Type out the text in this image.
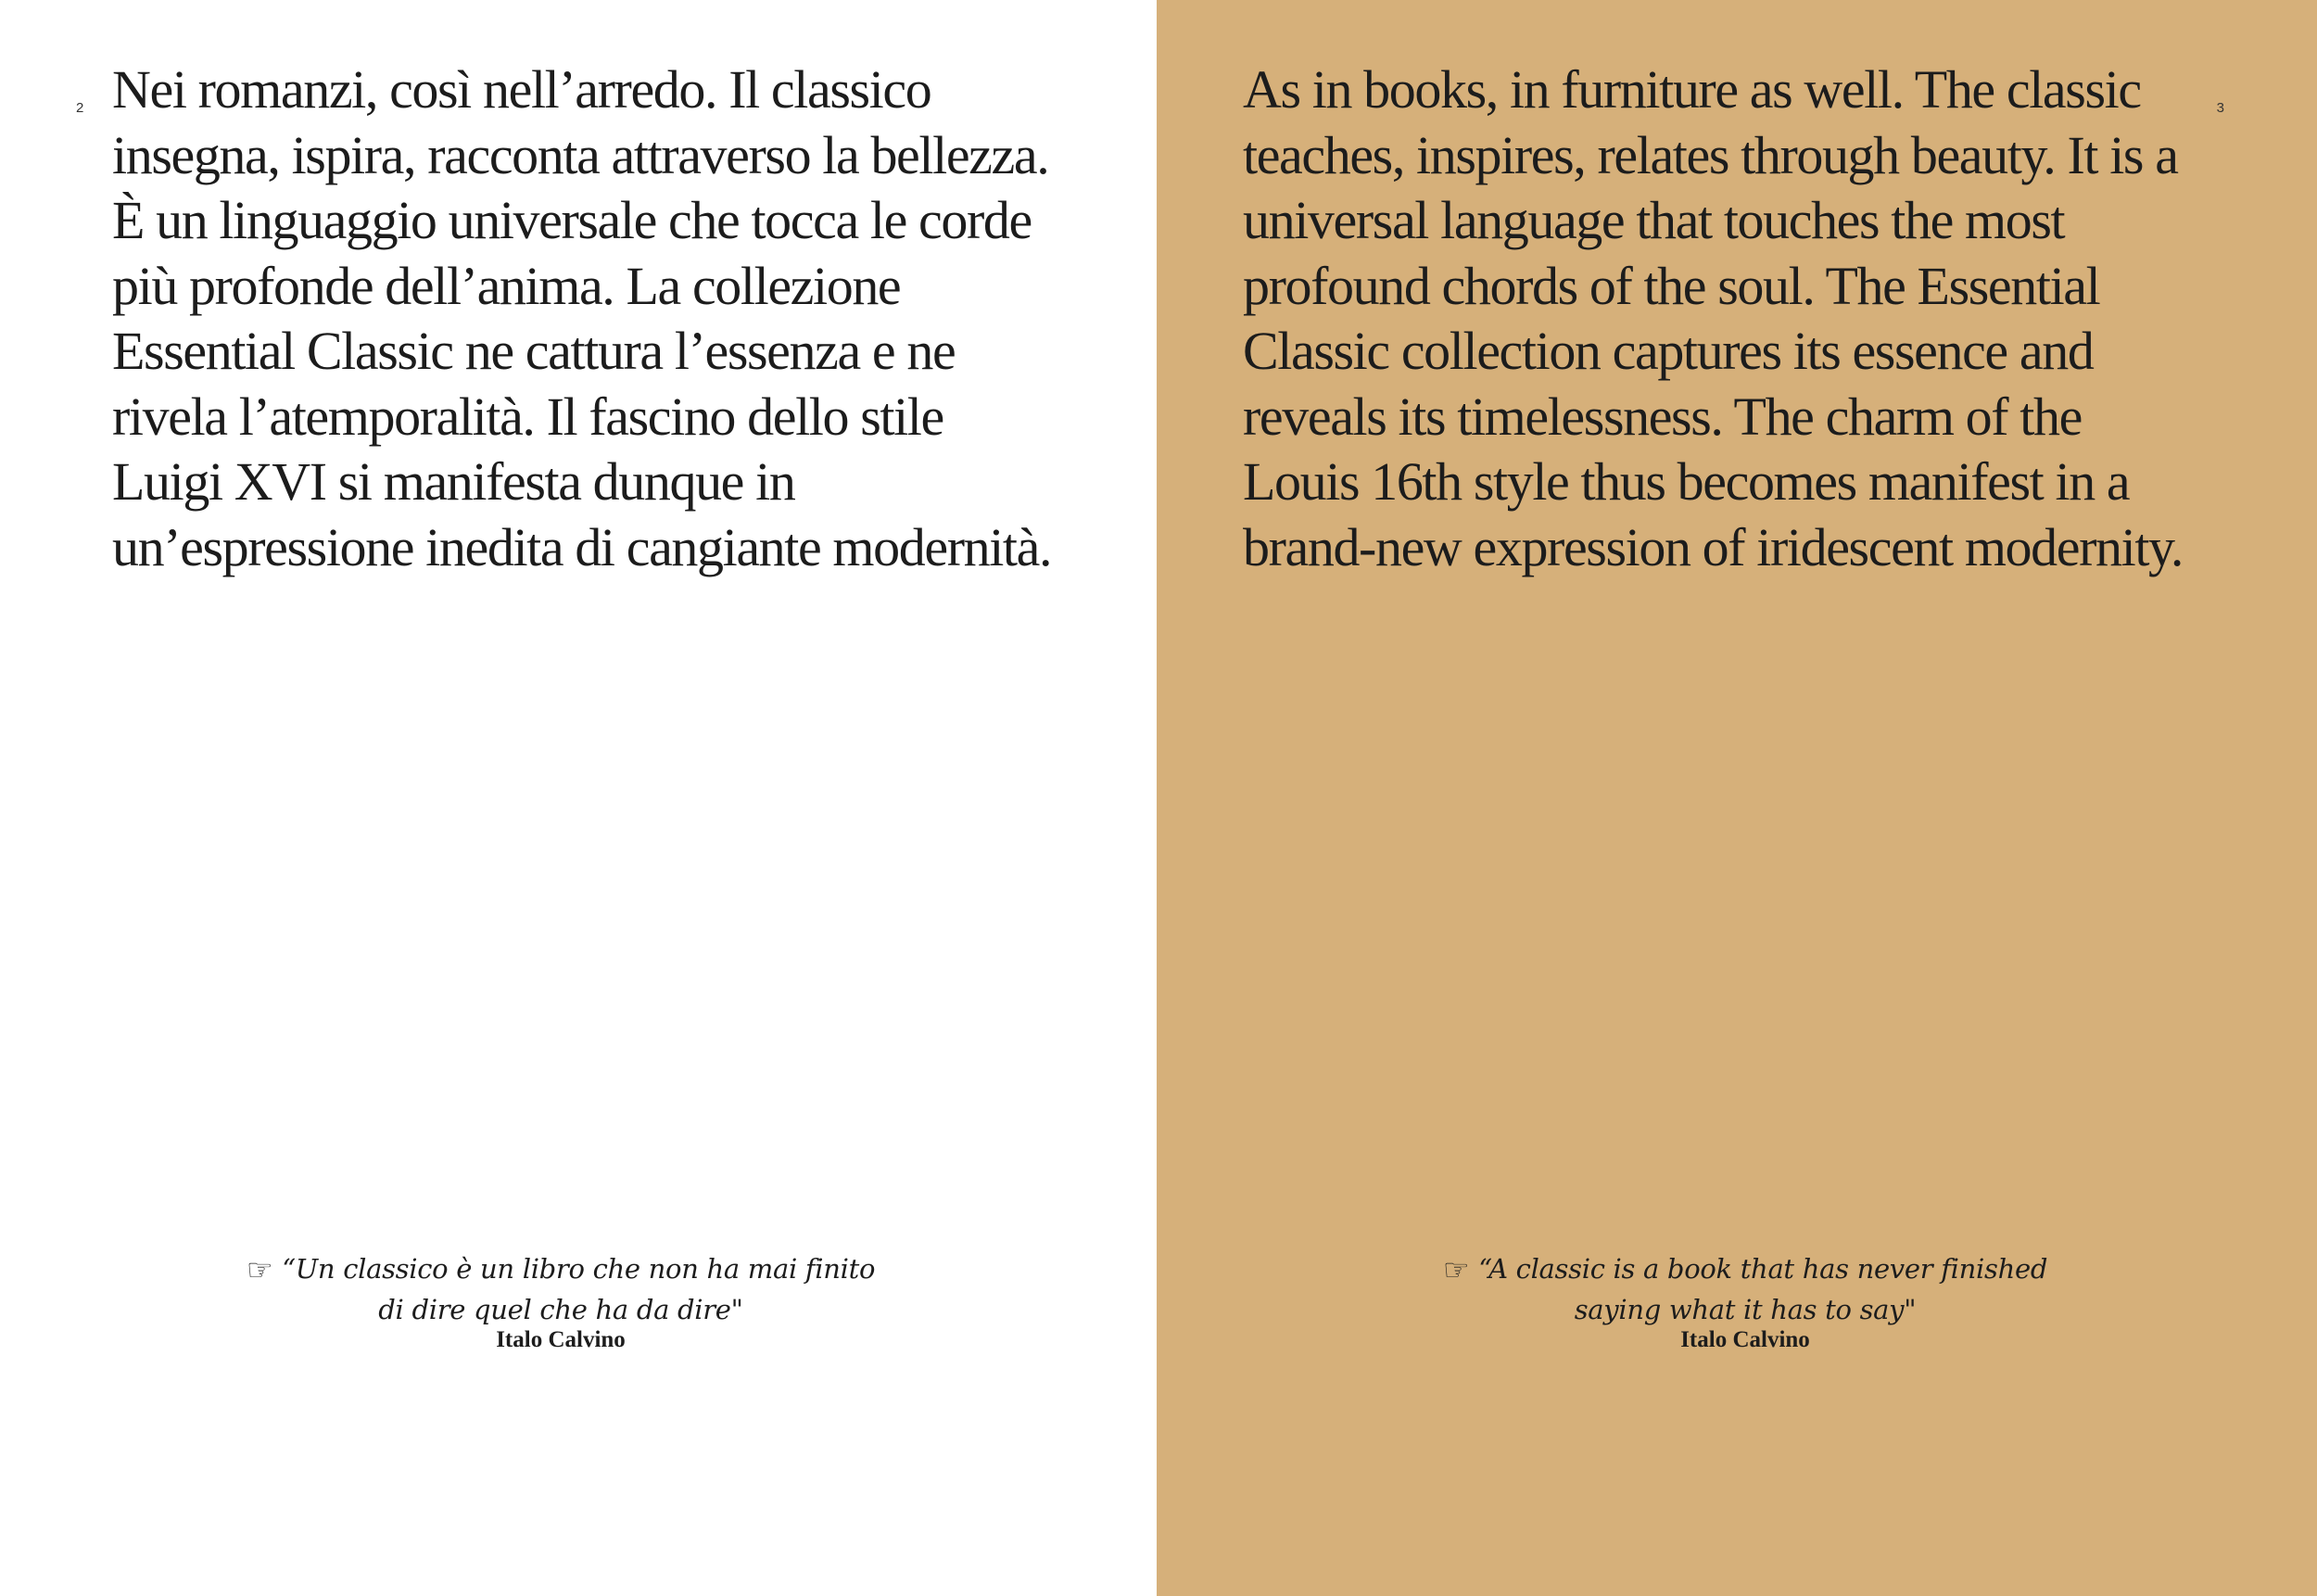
2 Nei romanzi, così nell’arredo. Il classico insegna, ispira, racconta attraverso la bellezza. È un linguaggio universale che tocca le corde più profonde dell’anima. La collezione Essential Classic ne cattura l’essenza e ne rivela l’atemporalità. Il fascino dello stile Luigi XVI si manifesta dunque in un’espressione inedita di cangiante modernità.

☞ “Un classico è un libro che non ha mai finito
di dire quel che ha da dire"
Italo Calvino
3

As in books, in furniture as well. The classic teaches, inspires, relates through beauty. It is a universal language that touches the most profound chords of the soul. The Essential Classic collection captures its essence and reveals its timelessness. The charm of the Louis 16th style thus becomes manifest in a brand-new expression of iridescent modernity.

☞ “A classic is a book that has never finished
saying what it has to say"
Italo Calvino
